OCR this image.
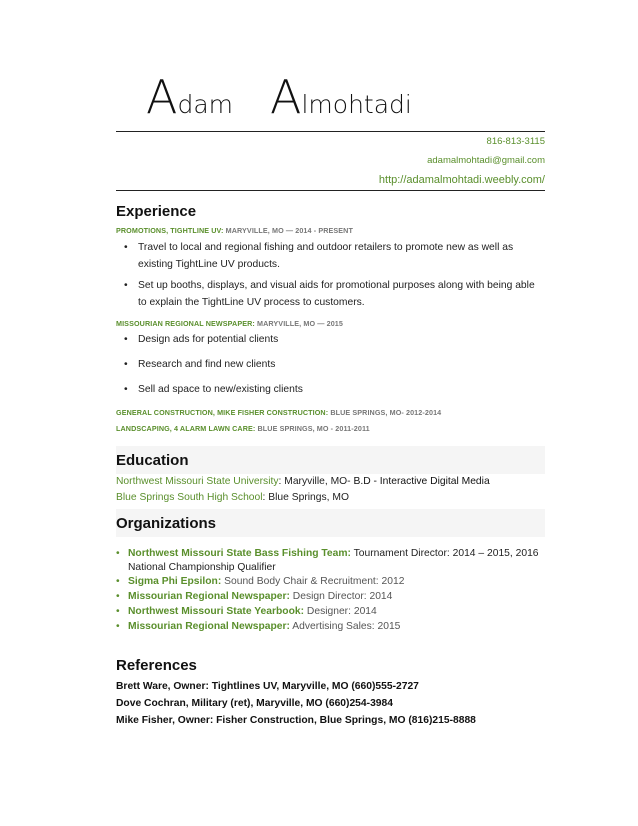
Adam Almohtadi
816-813-3115
adamalmohtadi@gmail.com
http://adamalmohtadi.weebly.com/
Experience
PROMOTIONS, TIGHTLINE UV: MARYVILLE, MO — 2014 - PRESENT
• Travel to local and regional fishing and outdoor retailers to promote new as well as existing TightLine UV products.
• Set up booths, displays, and visual aids for promotional purposes along with being able to explain the TightLine UV process to customers.
MISSOURIAN REGIONAL NEWSPAPER: MARYVILLE, MO — 2015
• Design ads for potential clients
• Research and find new clients
• Sell ad space to new/existing clients
GENERAL CONSTRUCTION, MIKE FISHER CONSTRUCTION: BLUE SPRINGS, MO- 2012-2014
LANDSCAPING, 4 ALARM LAWN CARE: BLUE SPRINGS, MO - 2011-2011
Education
Northwest Missouri State University: Maryville, MO- B.D - Interactive Digital Media
Blue Springs South High School: Blue Springs, MO
Organizations
• Northwest Missouri State Bass Fishing Team: Tournament Director: 2014 – 2015, 2016 National Championship Qualifier
• Sigma Phi Epsilon: Sound Body Chair & Recruitment: 2012
• Missourian Regional Newspaper: Design Director: 2014
• Northwest Missouri State Yearbook: Designer: 2014
• Missourian Regional Newspaper: Advertising Sales: 2015
References
Brett Ware, Owner: Tightlines UV, Maryville, MO (660)555-2727
Dove Cochran, Military (ret), Maryville, MO (660)254-3984
Mike Fisher, Owner: Fisher Construction, Blue Springs, MO (816)215-8888
